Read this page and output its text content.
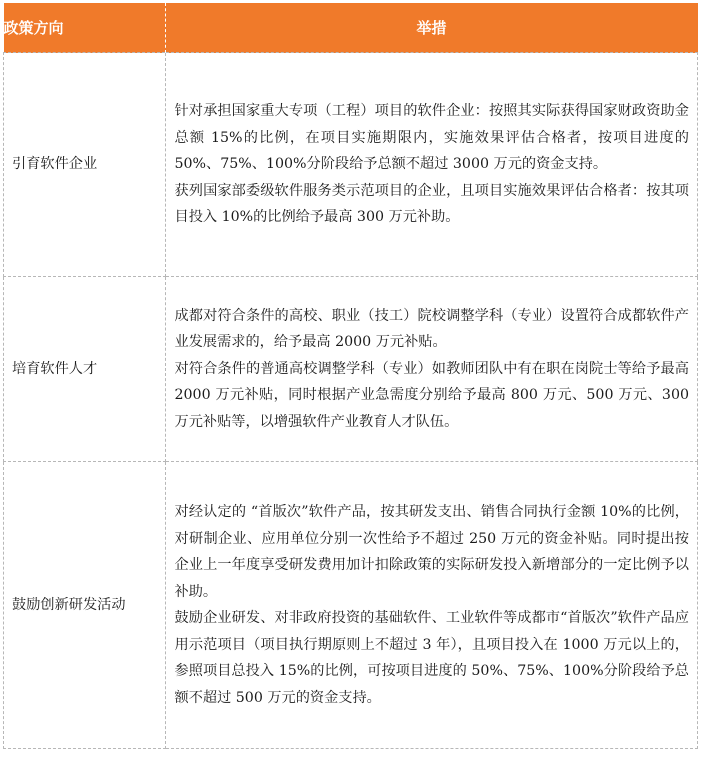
政策方向	举措
引育软件企业	针对承担国家重大专项（工程）项目的软件企业：按照其实际获得国家财政资助金总额 15%的比例，在项目实施期限内，实施效果评估合格者，按项目进度的 50%、75%、100%分阶段给予总额不超过 3000 万元的资金支持。

获列国家部委级软件服务类示范项目的企业，且项目实施效果评估合格者：按其项目投入 10%的比例给予最高 300 万元补助。

培育软件人才	成都对符合条件的高校、职业（技工）院校调整学科（专业）设置符合成都软件产业发展需求的，给予最高 2000 万元补贴。

对符合条件的普通高校调整学科（专业）如教师团队中有在职在岗院士等给予最高 2000 万元补贴，同时根据产业急需度分别给予最高 800 万元、500 万元、300 万元补贴等，以增强软件产业教育人才队伍。

鼓励创新研发活动	对经认定的 “首版次”软件产品，按其研发支出、销售合同执行金额 10%的比例，对研制企业、应用单位分别一次性给予不超过 250 万元的资金补贴。同时提出按企业上一年度享受研发费用加计扣除政策的实际研发投入新增部分的一定比例予以补助。

鼓励企业研发、对非政府投资的基础软件、工业软件等成都市“首版次”软件产品应用示范项目（项目执行期原则上不超过 3 年），且项目投入在 1000 万元以上的，参照项目总投入 15%的比例，可按项目进度的 50%、75%、100%分阶段给予总额不超过 500 万元的资金支持。
